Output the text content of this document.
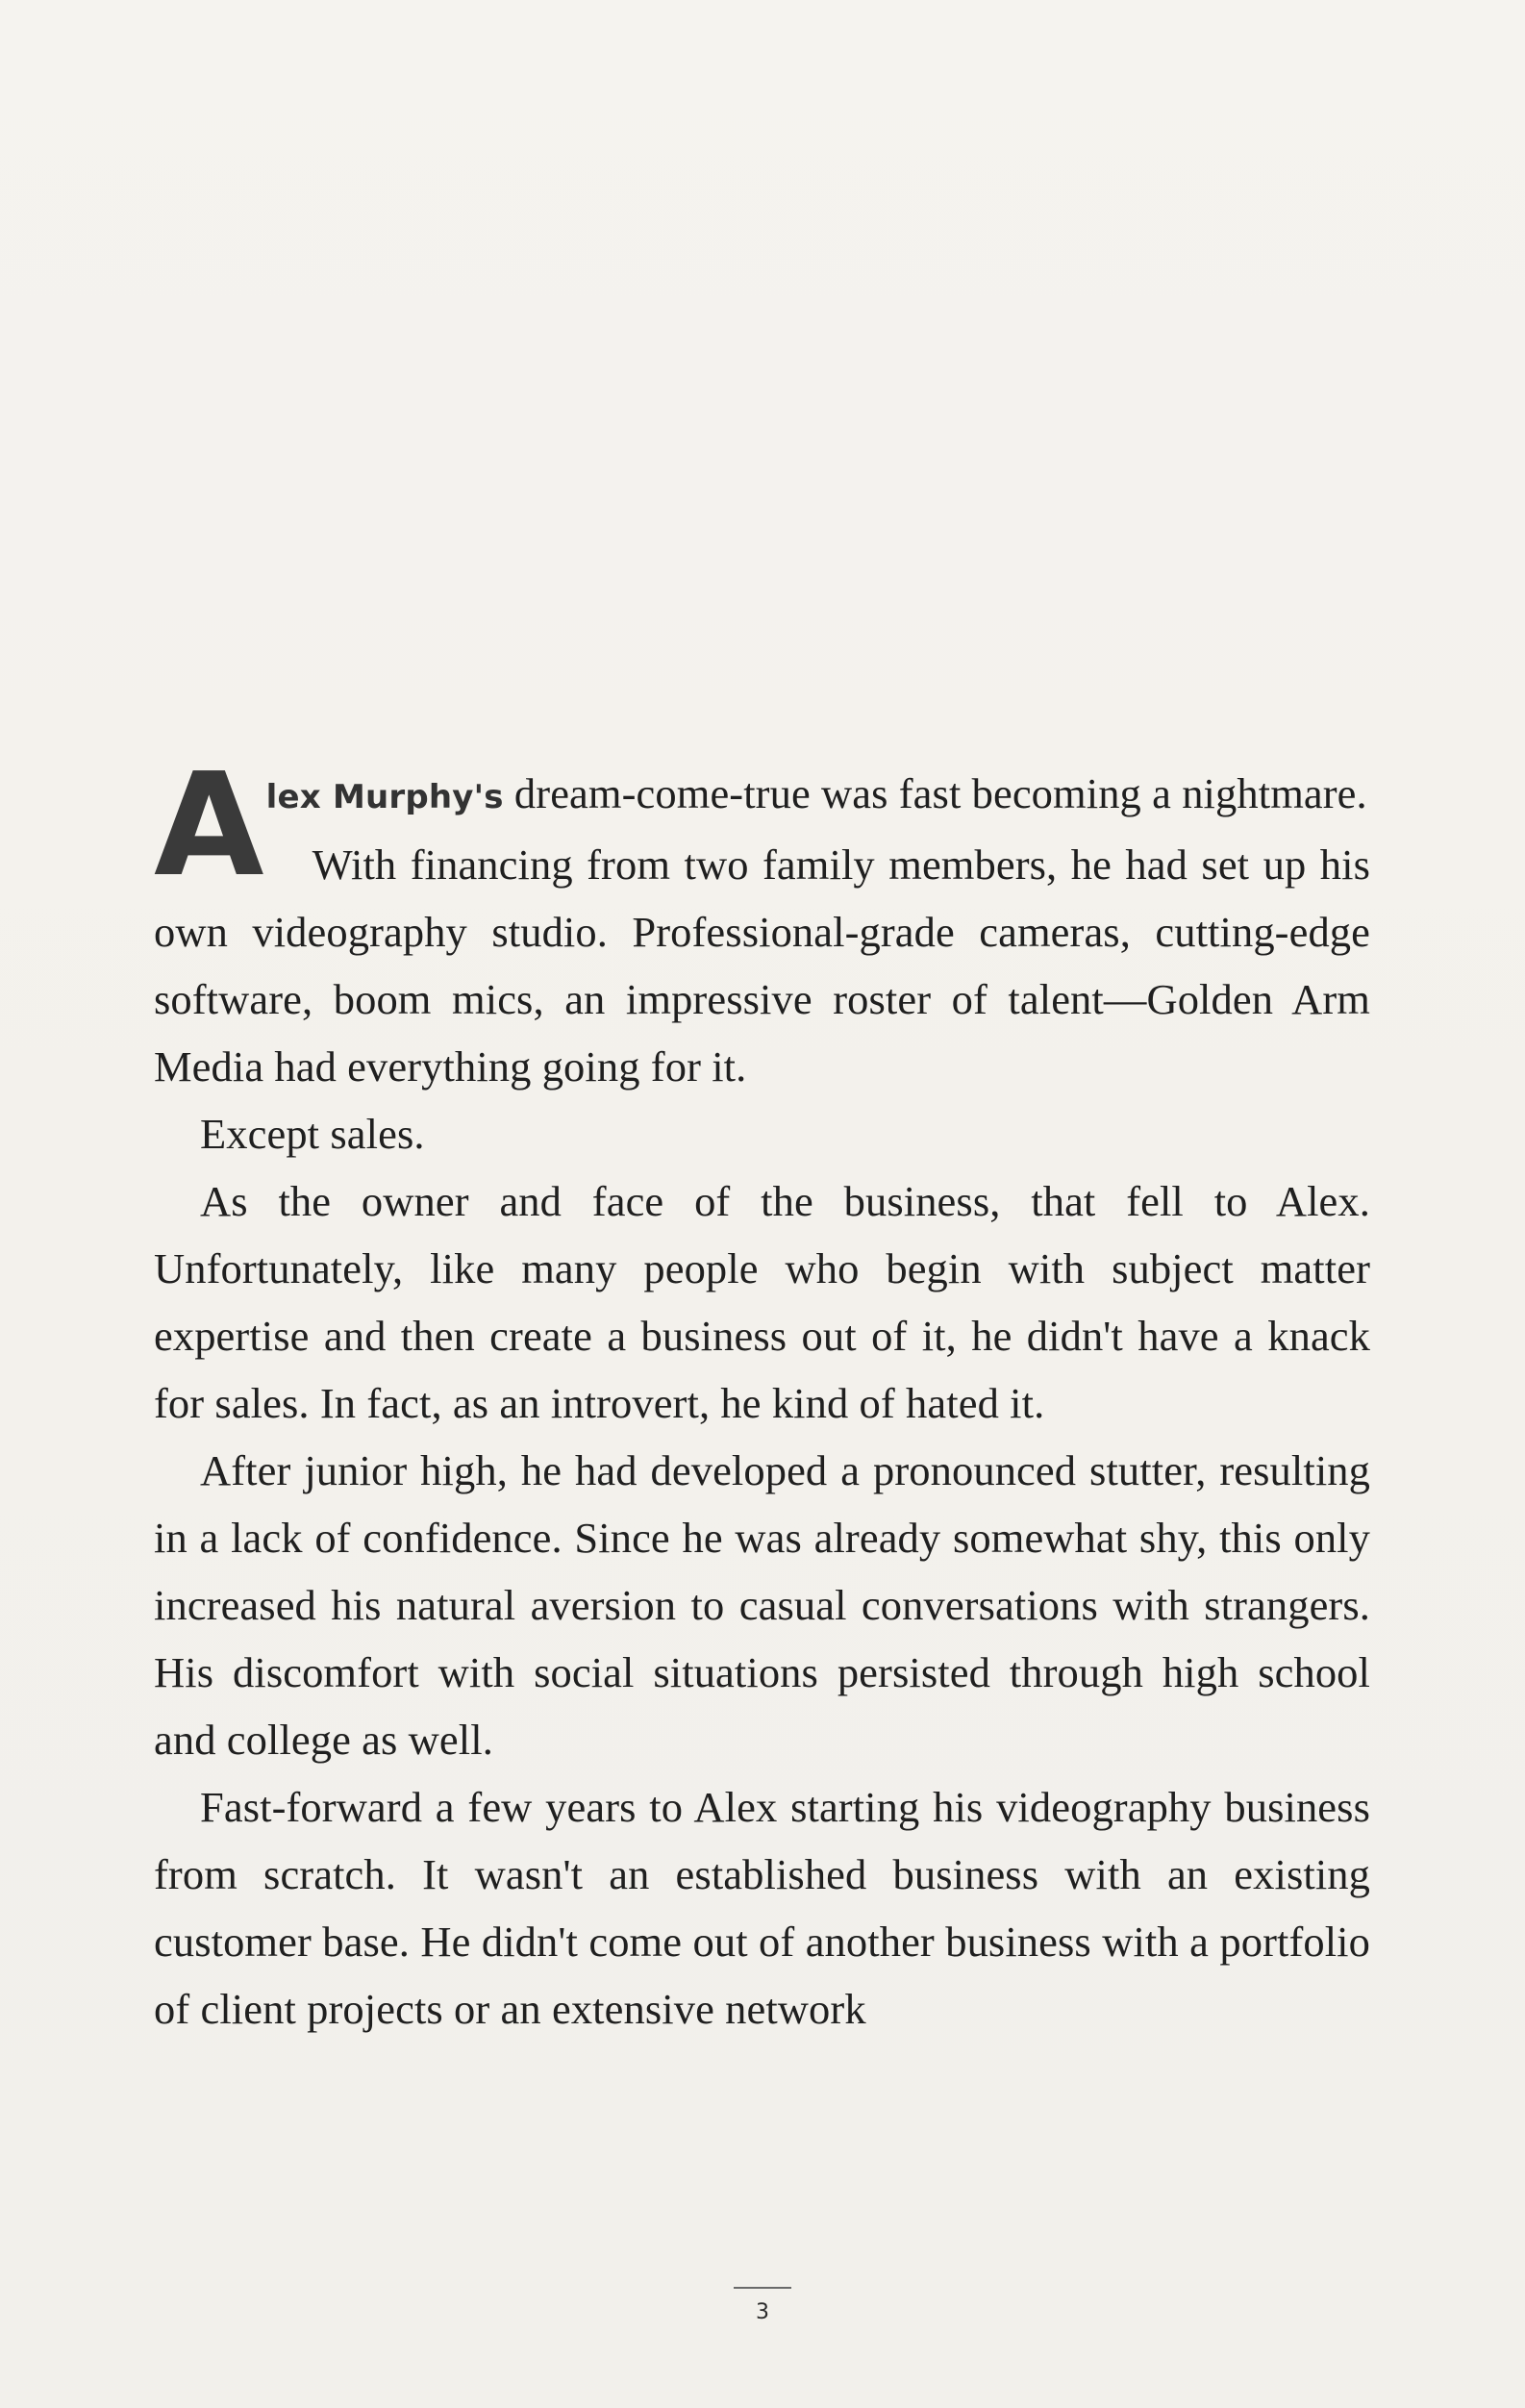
Alex Murphy's dream-come-true was fast becoming a nightmare.

With financing from two family members, he had set up his own videography studio. Professional-grade cameras, cutting-edge software, boom mics, an impressive roster of talent—Golden Arm Media had everything going for it.

Except sales.

As the owner and face of the business, that fell to Alex. Unfortunately, like many people who begin with subject matter expertise and then create a business out of it, he didn't have a knack for sales. In fact, as an introvert, he kind of hated it.

After junior high, he had developed a pronounced stutter, resulting in a lack of confidence. Since he was already somewhat shy, this only increased his natural aversion to casual conversations with strangers. His discomfort with social situations persisted through high school and college as well.

Fast-forward a few years to Alex starting his videography business from scratch. It wasn't an established business with an existing customer base. He didn't come out of another business with a portfolio of client projects or an extensive network

3
